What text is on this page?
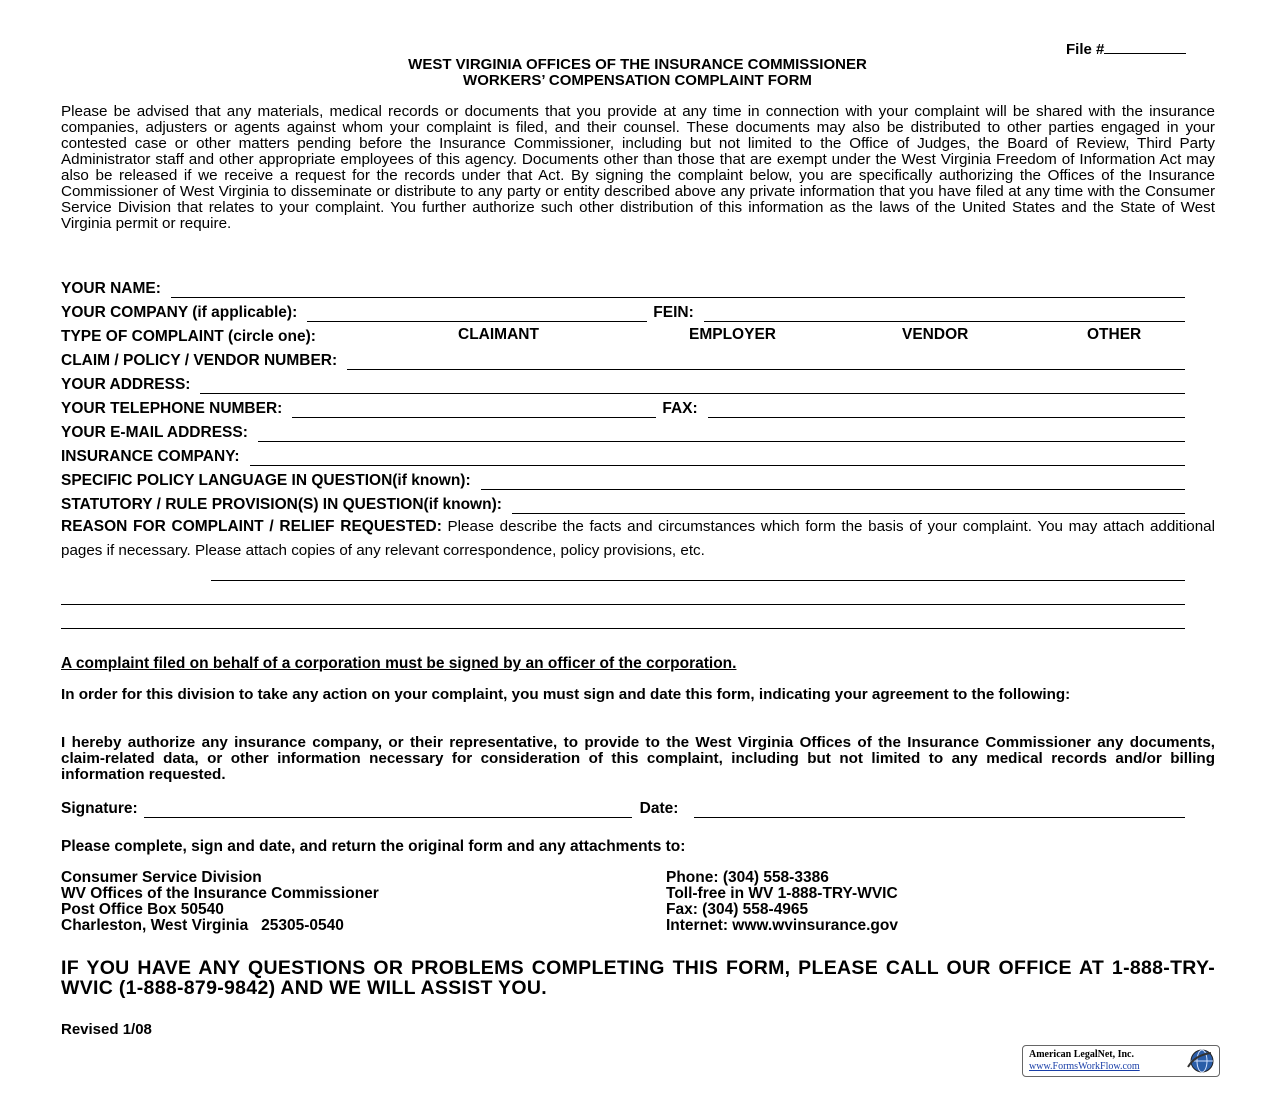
File #
WEST VIRGINIA OFFICES OF THE INSURANCE COMMISSIONER
WORKERS’ COMPENSATION COMPLAINT FORM
Please be advised that any materials, medical records or documents that you provide at any time in connection with your complaint will be shared with the insurance companies, adjusters or agents against whom your complaint is filed, and their counsel. These documents may also be distributed to other parties engaged in your contested case or other matters pending before the Insurance Commissioner, including but not limited to the Office of Judges, the Board of Review, Third Party Administrator staff and other appropriate employees of this agency. Documents other than those that are exempt under the West Virginia Freedom of Information Act may also be released if we receive a request for the records under that Act. By signing the complaint below, you are specifically authorizing the Offices of the Insurance Commissioner of West Virginia to disseminate or distribute to any party or entity described above any private information that you have filed at any time with the Consumer Service Division that relates to your complaint. You further authorize such other distribution of this information as the laws of the United States and the State of West Virginia permit or require.
YOUR NAME:
YOUR COMPANY (if applicable):	FEIN:
TYPE OF COMPLAINT (circle one):	CLAIMANT	EMPLOYER	VENDOR	OTHER
CLAIM / POLICY / VENDOR NUMBER:
YOUR ADDRESS:
YOUR TELEPHONE NUMBER:	FAX:
YOUR E-MAIL ADDRESS:
INSURANCE COMPANY:
SPECIFIC POLICY LANGUAGE IN QUESTION(if known):
STATUTORY / RULE PROVISION(S) IN QUESTION(if known):
REASON FOR COMPLAINT / RELIEF REQUESTED: Please describe the facts and circumstances which form the basis of your complaint. You may attach additional pages if necessary. Please attach copies of any relevant correspondence, policy provisions, etc.
A complaint filed on behalf of a corporation must be signed by an officer of the corporation.
In order for this division to take any action on your complaint, you must sign and date this form, indicating your agreement to the following:
I hereby authorize any insurance company, or their representative, to provide to the West Virginia Offices of the Insurance Commissioner any documents, claim-related data, or other information necessary for consideration of this complaint, including but not limited to any medical records and/or billing information requested.
Signature:	Date:
Please complete, sign and date, and return the original form and any attachments to:
Consumer Service Division
WV Offices of the Insurance Commissioner
Post Office Box 50540
Charleston, West Virginia   25305-0540
Phone: (304) 558-3386
Toll-free in WV 1-888-TRY-WVIC
Fax: (304) 558-4965
Internet: www.wvinsurance.gov
IF YOU HAVE ANY QUESTIONS OR PROBLEMS COMPLETING THIS FORM, PLEASE CALL OUR OFFICE AT 1-888-TRY-WVIC (1-888-879-9842) AND WE WILL ASSIST YOU.
Revised 1/08
American LegalNet, Inc.
www.FormsWorkFlow.com
